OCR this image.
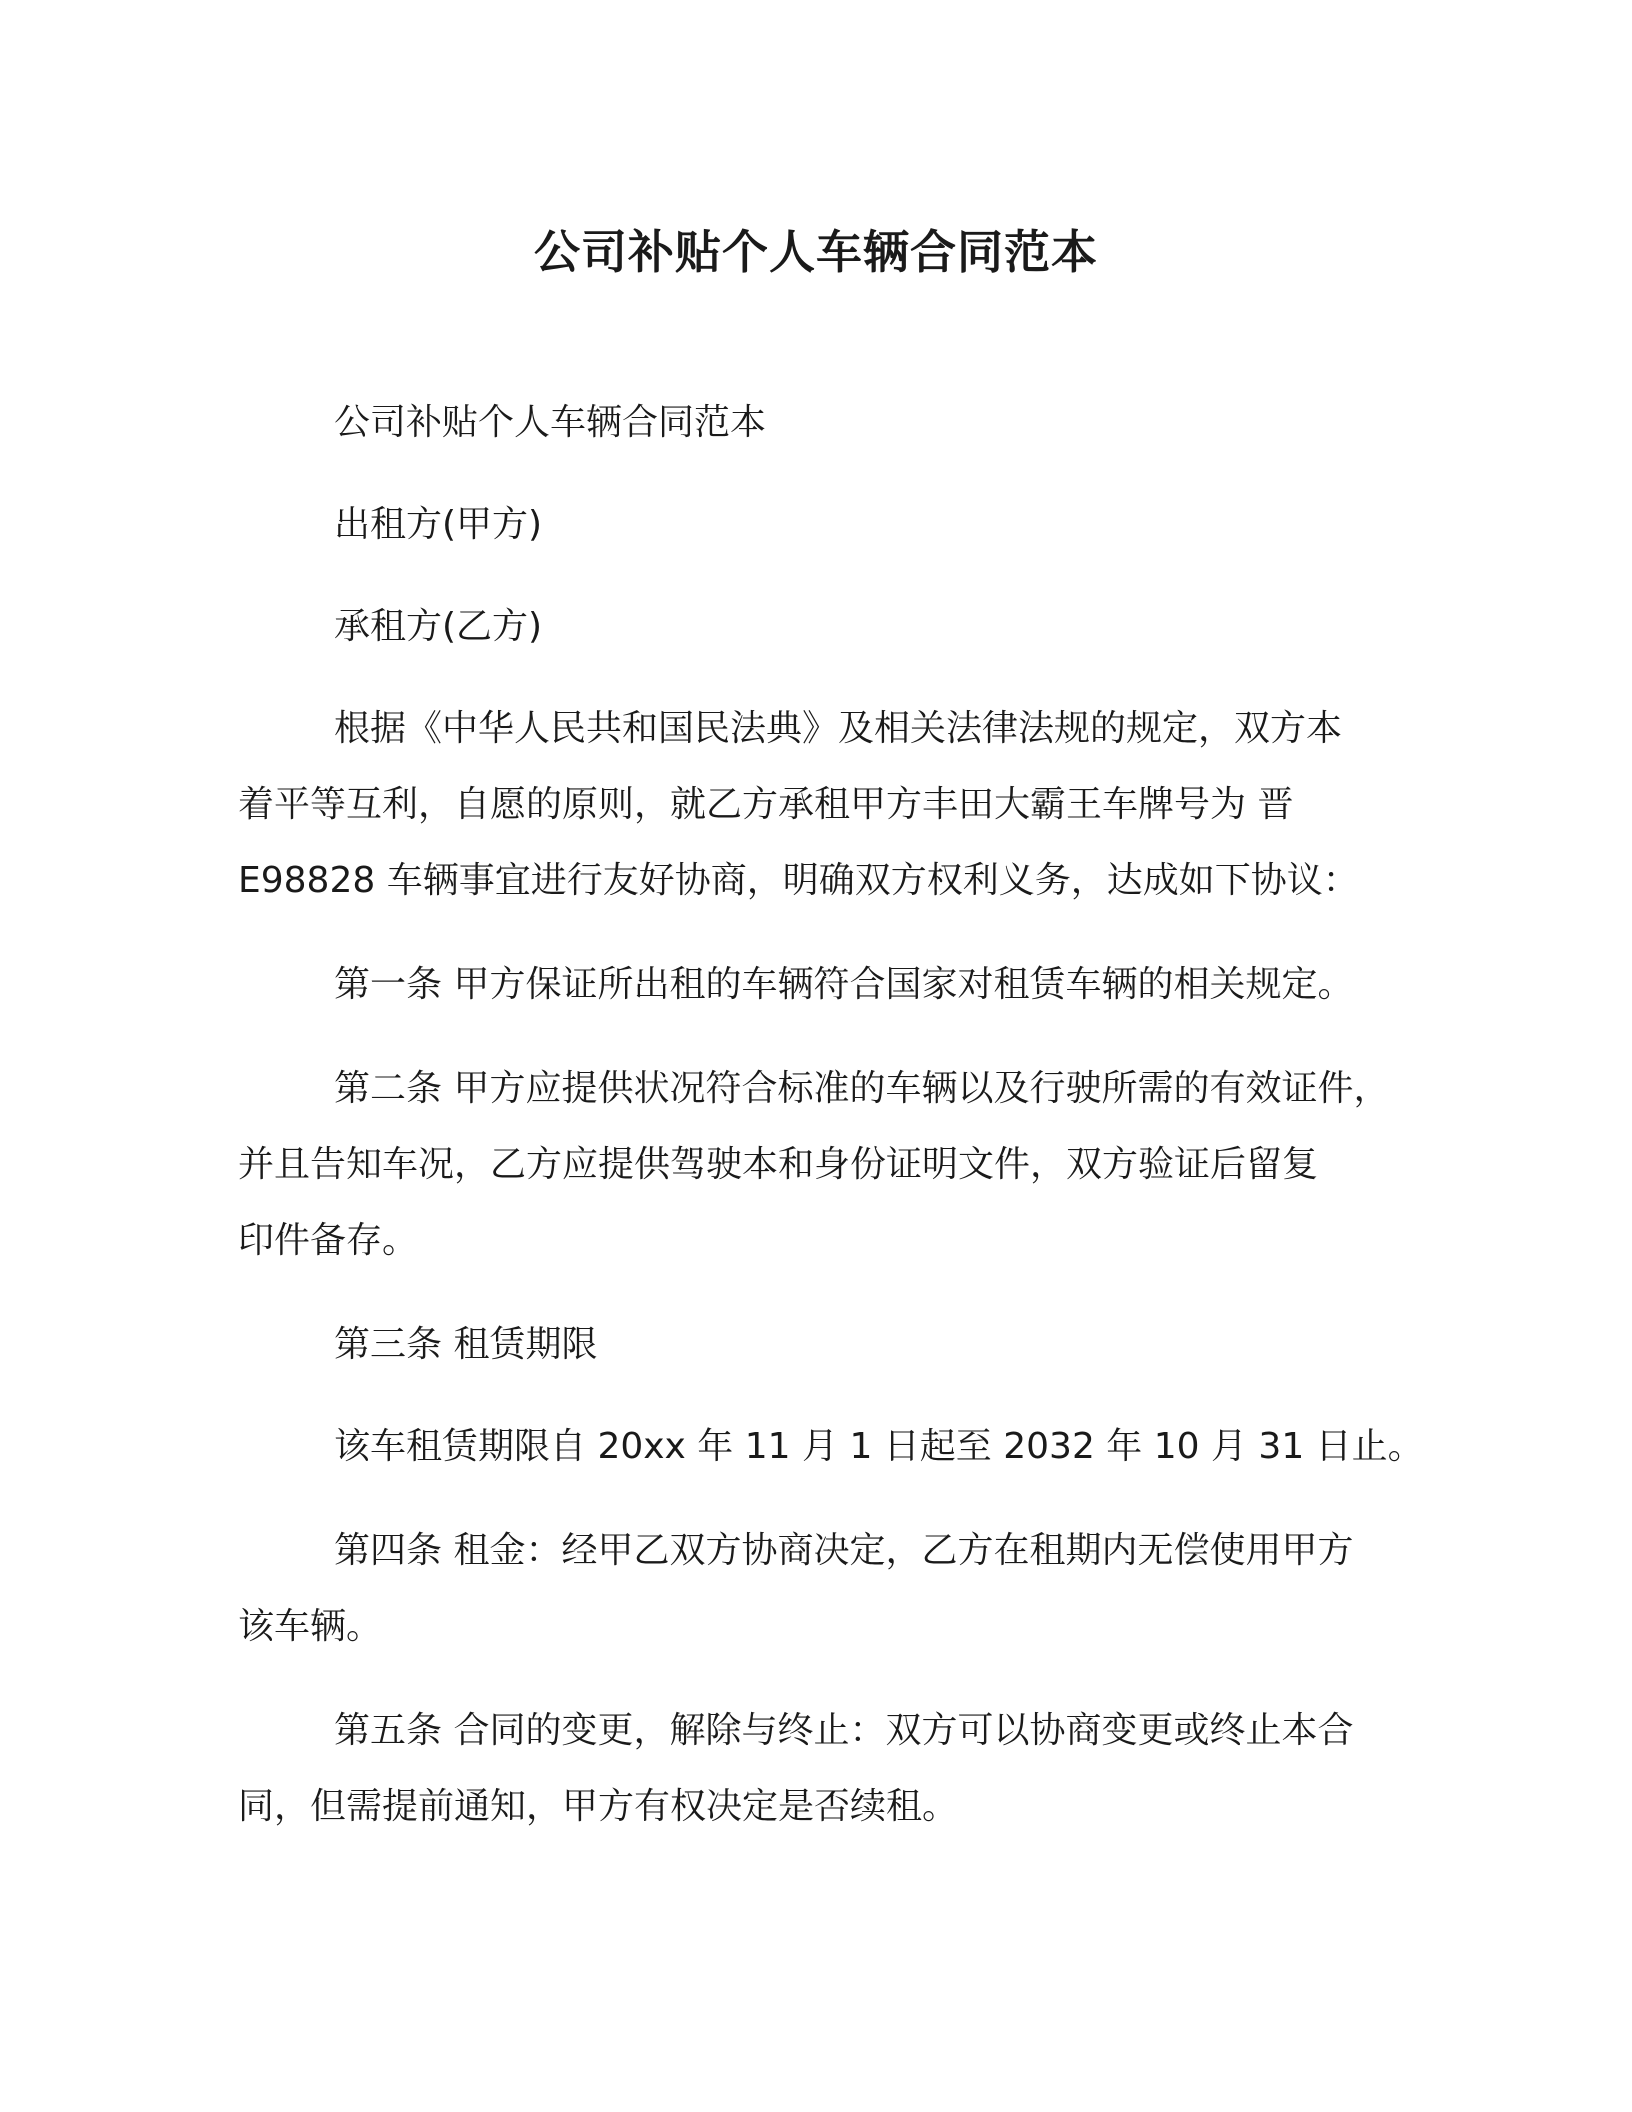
公司补贴个人车辆合同范本

公司补贴个人车辆合同范本

出租方(甲方)

承租方(乙方)

根据《中华人民共和国民法典》及相关法律法规的规定，双方本

着平等互利，自愿的原则，就乙方承租甲方丰田大霸王车牌号为 晋

E98828 车辆事宜进行友好协商，明确双方权利义务，达成如下协议：

第一条 甲方保证所出租的车辆符合国家对租赁车辆的相关规定。

第二条 甲方应提供状况符合标准的车辆以及行驶所需的有效证件，

并且告知车况，乙方应提供驾驶本和身份证明文件，双方验证后留复

印件备存。

第三条 租赁期限

该车租赁期限自 20xx 年 11 月 1 日起至 2032 年 10 月 31 日止。

第四条 租金：经甲乙双方协商决定，乙方在租期内无偿使用甲方

该车辆。

第五条 合同的变更，解除与终止：双方可以协商变更或终止本合

同，但需提前通知，甲方有权决定是否续租。
